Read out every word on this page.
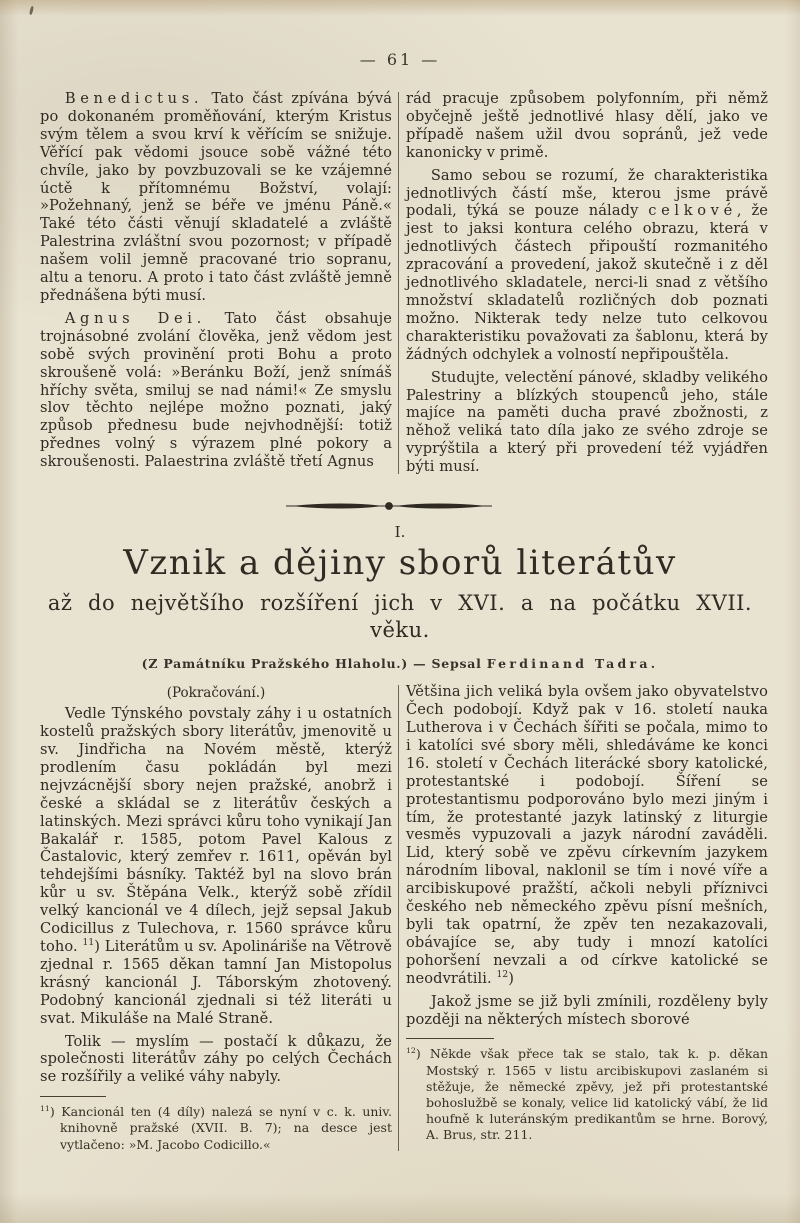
— 61 —

Benedictus. Tato část zpívána bývá po dokonaném proměňování, kterým Kristus svým tělem a svou krví k věřícím se snižuje. Věřící pak vědomi jsouce sobě vážné této chvíle, jako by povzbuzovali se ke vzájemné úctě k přítomnému Božství, volají: »Požehnaný, jenž se béře ve jménu Páně.« Také této části věnují skladatelé a zvláště Palestrina zvláštní svou pozornost; v případě našem volil jemně pracované trio sopranu, altu a tenoru. A proto i tato část zvláště jemně přednášena býti musí.

Agnus Dei. Tato část obsahuje trojnásobné zvolání člověka, jenž vědom jest sobě svých provinění proti Bohu a proto skroušeně volá: »Beránku Boží, jenž snímáš hříchy světa, smiluj se nad námi!« Ze smyslu slov těchto nejlépe možno poznati, jaký způsob přednesu bude nejvhodnější: totiž přednes volný s výrazem plné pokory a skroušenosti. Palaestrina zvláště třetí Agnus

rád pracuje způsobem polyfonním, při němž obyčejně ještě jednotlivé hlasy dělí, jako ve případě našem užil dvou sopránů, jež vede kanonicky v primě.

Samo sebou se rozumí, že charakteristika jednotlivých částí mše, kterou jsme právě podali, týká se pouze nálady celkové, že jest to jaksi kontura celého obrazu, která v jednotlivých částech připouští rozmanitého zpracování a provedení, jakož skutečně i z děl jednotlivého skladatele, nerci-li snad z většího množství skladatelů rozličných dob poznati možno. Nikterak tedy nelze tuto celkovou charakteristiku považovati za šablonu, která by žádných odchylek a volností nepřipouštěla.

Studujte, velectění pánové, skladby velikého Palestriny a blízkých stoupenců jeho, stále majíce na paměti ducha pravé zbožnosti, z něhož veliká tato díla jako ze svého zdroje se vyprýštila a který při provedení též vyjádřen býti musí.

I.
Vznik a dějiny sborů literátův
až do největšího rozšíření jich v XVI. a na počátku XVII.
věku.
(Z Památníku Pražského Hlaholu.) — Sepsal Ferdinand Tadra.
(Pokračování.)

Vedle Týnského povstaly záhy i u ostatních kostelů pražských sbory literátův, jmenovitě u sv. Jindřicha na Novém městě, kterýž prodlením času pokládán byl mezi nejvzácnější sbory nejen pražské, anobrž i české a skládal se z literátův českých a latinských. Mezi správci kůru toho vynikají Jan Bakalář r. 1585, potom Pavel Kalous z Častalovic, který zemřev r. 1611, opěván byl tehdejšími básníky. Taktéž byl na slovo brán kůr u sv. Štěpána Velk., kterýž sobě zřídil velký kancionál ve 4 dílech, jejž sepsal Jakub Codicillus z Tulechova, r. 1560 správce kůru toho. $^{11}$) Literátům u sv. Apolináriše na Větrově zjednal r. 1565 děkan tamní Jan Mistopolus krásný kancionál J. Táborským zhotovený. Podobný kancionál zjednali si též literáti u svat. Mikuláše na Malé Straně.

Tolik — myslím — postačí k důkazu, že společnosti literátův záhy po celých Čechách se rozšířily a veliké váhy nabyly.

$^{11}$) Kancionál ten (4 díly) nalezá se nyní v c. k. univ. knihovně pražské (XVII. B. 7); na desce jest vytlačeno: »M. Jacobo Codicillo.«

Většina jich veliká byla ovšem jako obyvatelstvo Čech podobojí. Když pak v 16. století nauka Lutherova i v Čechách šířiti se počala, mimo to i katolíci své sbory měli, shledáváme ke konci 16. století v Čechách literácké sbory katolické, protestantské i podobojí. Šíření se protestantismu podporováno bylo mezi jiným i tím, že protestanté jazyk latinský z liturgie vesměs vypuzovali a jazyk národní zaváděli. Lid, který sobě ve zpěvu církevním jazykem národním liboval, naklonil se tím i nové víře a arcibiskupové pražští, ačkoli nebyli příznivci českého neb německého zpěvu písní mešních, byli tak opatrní, že zpěv ten nezakazovali, obávajíce se, aby tudy i mnozí katolíci pohoršení nevzali a od církve katolické se neodvrátili. $^{12}$)

Jakož jsme se již byli zmínili, rozděleny byly později na některých místech sborové

$^{12}$) Někde však přece tak se stalo, tak k. p. děkan Mostský r. 1565 v listu arcibiskupovi zaslaném si stěžuje, že německé zpěvy, jež při protestantské bohoslužbě se konaly, velice lid katolický vábí, že lid houfně k luteránským predikantům se hrne. Borový, A. Brus, str. 211.
